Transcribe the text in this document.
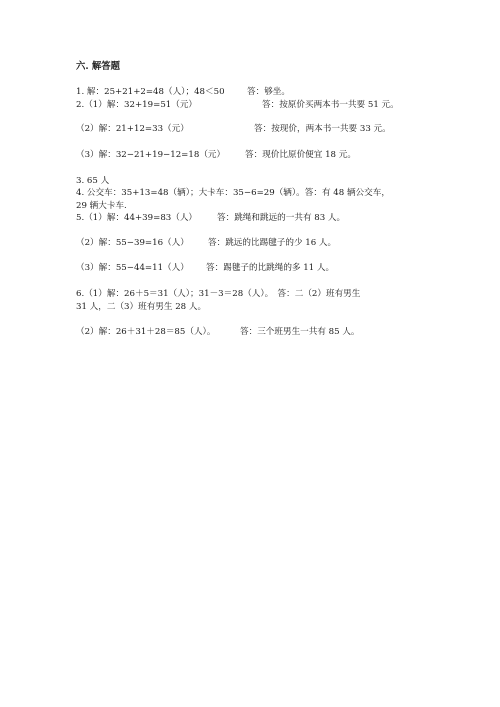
六. 解答题
1. 解：25+21+2=48（人）；48＜50	答：够坐。
2.（1）解：32+19=51（元）	答：按原价买两本书一共要 51 元。
（2）解：21+12=33（元）	答：按现价，两本书一共要 33 元。
（3）解：32−21+19−12=18（元） 答：现价比原价便宜 18 元。
3. 65 人
4. 公交车：35+13=48（辆）；大卡车：35−6=29（辆）。答：有 48 辆公交车，
29 辆大卡车.
5.（1）解：44+39=83（人） 答：跳绳和跳远的一共有 83 人。
（2）解：55−39=16（人） 答：跳远的比踢毽子的少 16 人。
（3）解：55−44=11（人） 答：踢毽子的比跳绳的多 11 人。
6.（1）解：26＋5＝31（人）；31－3＝28（人）。　答：二（2）班有男生
31 人，二（3）班有男生 28 人。
（2）解：26＋31＋28＝85（人）。	答：三个班男生一共有 85 人。
